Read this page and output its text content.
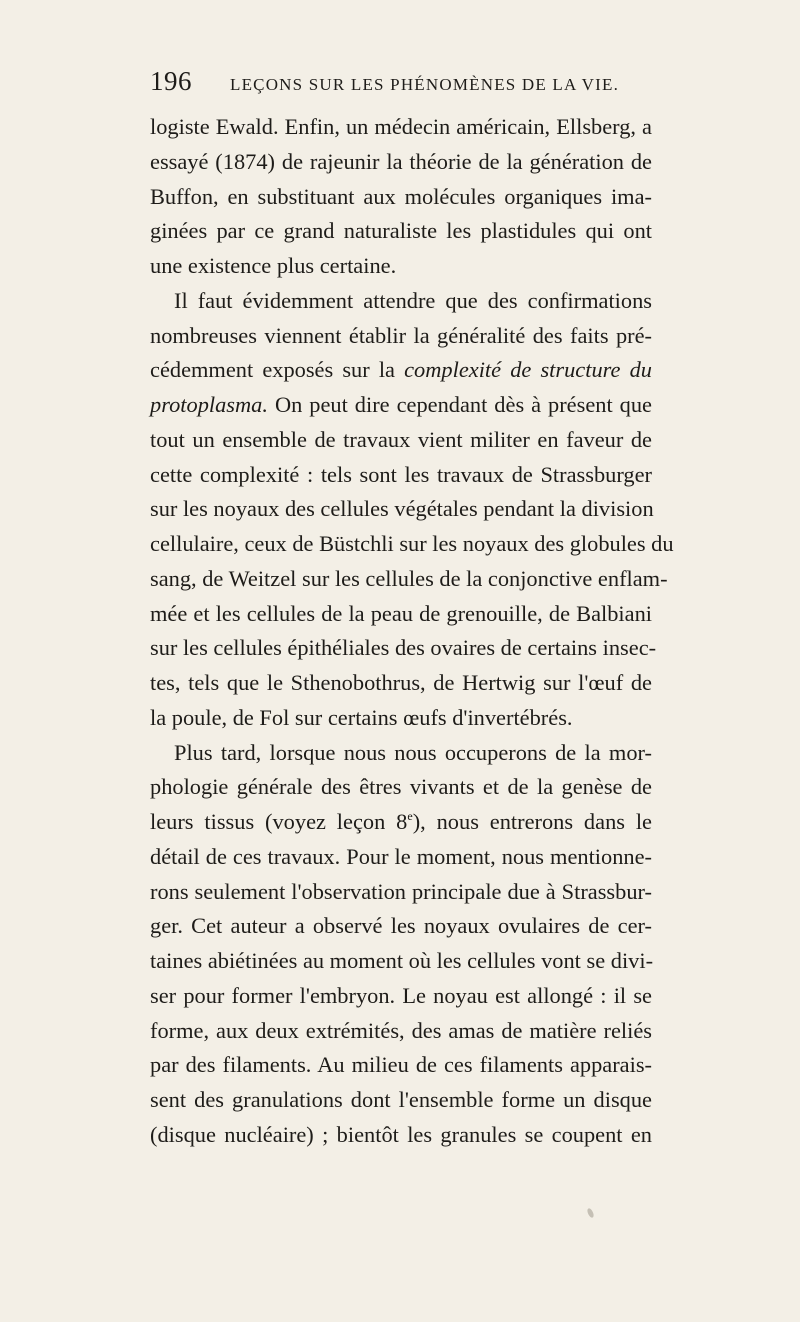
196 LEÇONS SUR LES PHÉNOMÈNES DE LA VIE.
logiste Ewald. Enfin, un médecin américain, Ellsberg, a
essayé (1874) de rajeunir la théorie de la génération de
Buffon, en substituant aux molécules organiques ima-
ginées par ce grand naturaliste les plastidules qui ont
une existence plus certaine.
Il faut évidemment attendre que des confirmations
nombreuses viennent établir la généralité des faits pré-
cédemment exposés sur la complexité de structure du
protoplasma. On peut dire cependant dès à présent que
tout un ensemble de travaux vient militer en faveur de
cette complexité : tels sont les travaux de Strassburger
sur les noyaux des cellules végétales pendant la division
cellulaire, ceux de Büstchli sur les noyaux des globules du
sang, de Weitzel sur les cellules de la conjonctive enflam-
mée et les cellules de la peau de grenouille, de Balbiani
sur les cellules épithéliales des ovaires de certains insec-
tes, tels que le Sthenobothrus, de Hertwig sur l'œuf de
la poule, de Fol sur certains œufs d'invertébrés.
Plus tard, lorsque nous nous occuperons de la mor-
phologie générale des êtres vivants et de la genèse de
leurs tissus (voyez leçon 8e), nous entrerons dans le
détail de ces travaux. Pour le moment, nous mentionne-
rons seulement l'observation principale due à Strassbur-
ger. Cet auteur a observé les noyaux ovulaires de cer-
taines abiétinées au moment où les cellules vont se divi-
ser pour former l'embryon. Le noyau est allongé : il se
forme, aux deux extrémités, des amas de matière reliés
par des filaments. Au milieu de ces filaments apparais-
sent des granulations dont l'ensemble forme un disque
(disque nucléaire) ; bientôt les granules se coupent en
